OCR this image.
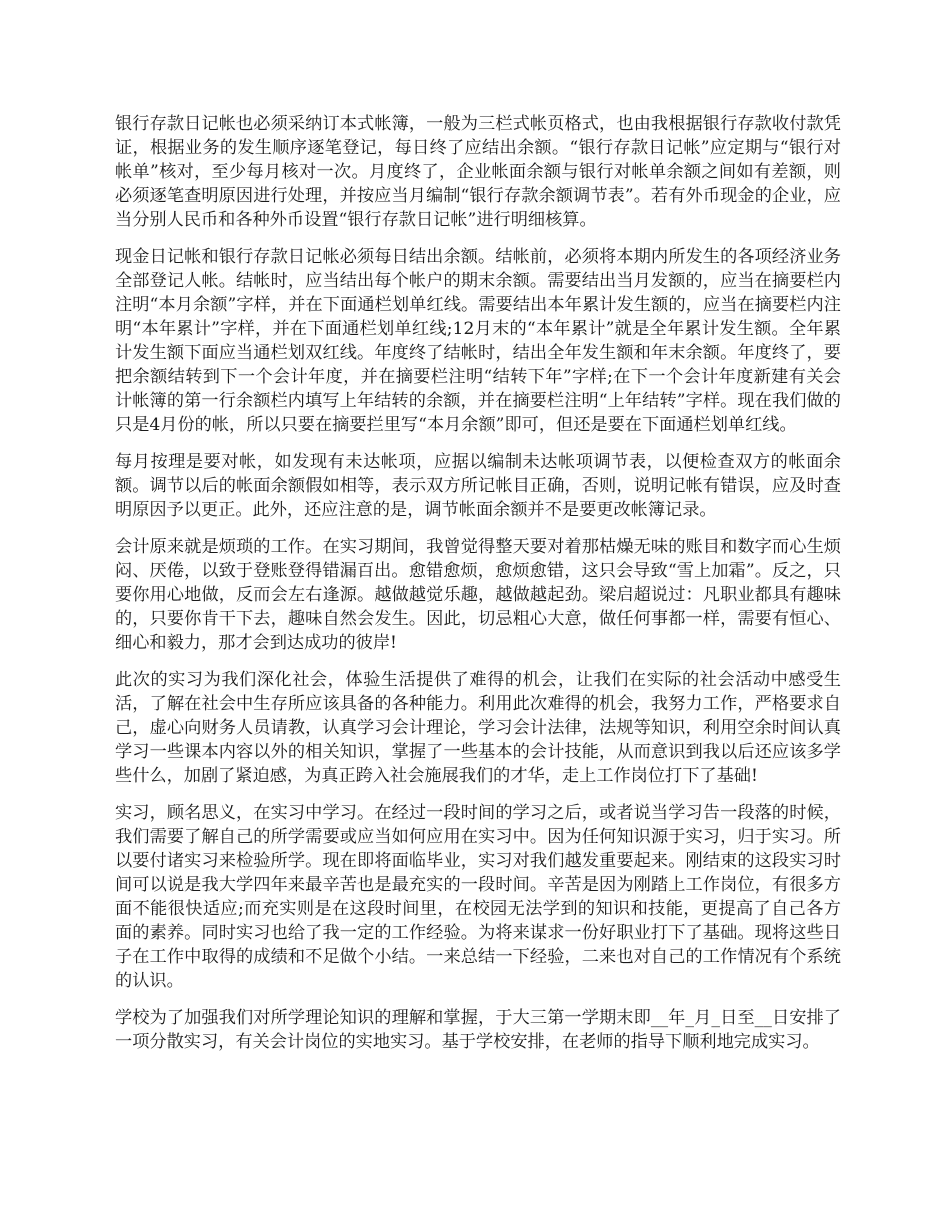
银行存款日记帐也必须采纳订本式帐簿，一般为三栏式帐页格式，也由我根据银行存款收付款凭证，根据业务的发生顺序逐笔登记，每日终了应结出余额。“银行存款日记帐”应定期与“银行对帐单”核对，至少每月核对一次。月度终了，企业帐面余额与银行对帐单余额之间如有差额，则必须逐笔查明原因进行处理，并按应当月编制“银行存款余额调节表”。若有外币现金的企业，应当分别人民币和各种外币设置“银行存款日记帐”进行明细核算。

现金日记帐和银行存款日记帐必须每日结出余额。结帐前，必须将本期内所发生的各项经济业务全部登记人帐。结帐时，应当结出每个帐户的期末余额。需要结出当月发额的，应当在摘要栏内注明“本月余额”字样，并在下面通栏划单红线。需要结出本年累计发生额的，应当在摘要栏内注明“本年累计”字样，并在下面通栏划单红线;12月末的“本年累计”就是全年累计发生额。全年累计发生额下面应当通栏划双红线。年度终了结帐时，结出全年发生额和年末余额。年度终了，要把余额结转到下一个会计年度，并在摘要栏注明“结转下年”字样;在下一个会计年度新建有关会计帐簿的第一行余额栏内填写上年结转的余额，并在摘要栏注明“上年结转”字样。现在我们做的只是4月份的帐，所以只要在摘要拦里写“本月余额”即可，但还是要在下面通栏划单红线。

每月按理是要对帐，如发现有未达帐项，应据以编制未达帐项调节表，以便检查双方的帐面余额。调节以后的帐面余额假如相等，表示双方所记帐目正确，否则，说明记帐有错误，应及时查明原因予以更正。此外，还应注意的是，调节帐面余额并不是要更改帐簿记录。

会计原来就是烦琐的工作。在实习期间，我曾觉得整天要对着那枯燥无味的账目和数字而心生烦闷、厌倦，以致于登账登得错漏百出。愈错愈烦，愈烦愈错，这只会导致“雪上加霜”。反之，只要你用心地做，反而会左右逢源。越做越觉乐趣，越做越起劲。梁启超说过：凡职业都具有趣味的，只要你肯干下去，趣味自然会发生。因此，切忌粗心大意，做任何事都一样，需要有恒心、细心和毅力，那才会到达成功的彼岸!

此次的实习为我们深化社会，体验生活提供了难得的机会，让我们在实际的社会活动中感受生活，了解在社会中生存所应该具备的各种能力。利用此次难得的机会，我努力工作，严格要求自己，虚心向财务人员请教，认真学习会计理论，学习会计法律，法规等知识，利用空余时间认真学习一些课本内容以外的相关知识，掌握了一些基本的会计技能，从而意识到我以后还应该多学些什么，加剧了紧迫感，为真正跨入社会施展我们的才华，走上工作岗位打下了基础!

实习，顾名思义，在实习中学习。在经过一段时间的学习之后，或者说当学习告一段落的时候，我们需要了解自己的所学需要或应当如何应用在实习中。因为任何知识源于实习，归于实习。所以要付诸实习来检验所学。现在即将面临毕业，实习对我们越发重要起来。刚结束的这段实习时间可以说是我大学四年来最辛苦也是最充实的一段时间。辛苦是因为刚踏上工作岗位，有很多方面不能很快适应;而充实则是在这段时间里，在校园无法学到的知识和技能，更提高了自己各方面的素养。同时实习也给了我一定的工作经验。为将来谋求一份好职业打下了基础。现将这些日子在工作中取得的成绩和不足做个小结。一来总结一下经验，二来也对自己的工作情况有个系统的认识。

学校为了加强我们对所学理论知识的理解和掌握，于大三第一学期末即__年_月_日至__日安排了一项分散实习，有关会计岗位的实地实习。基于学校安排，在老师的指导下顺利地完成实习。
